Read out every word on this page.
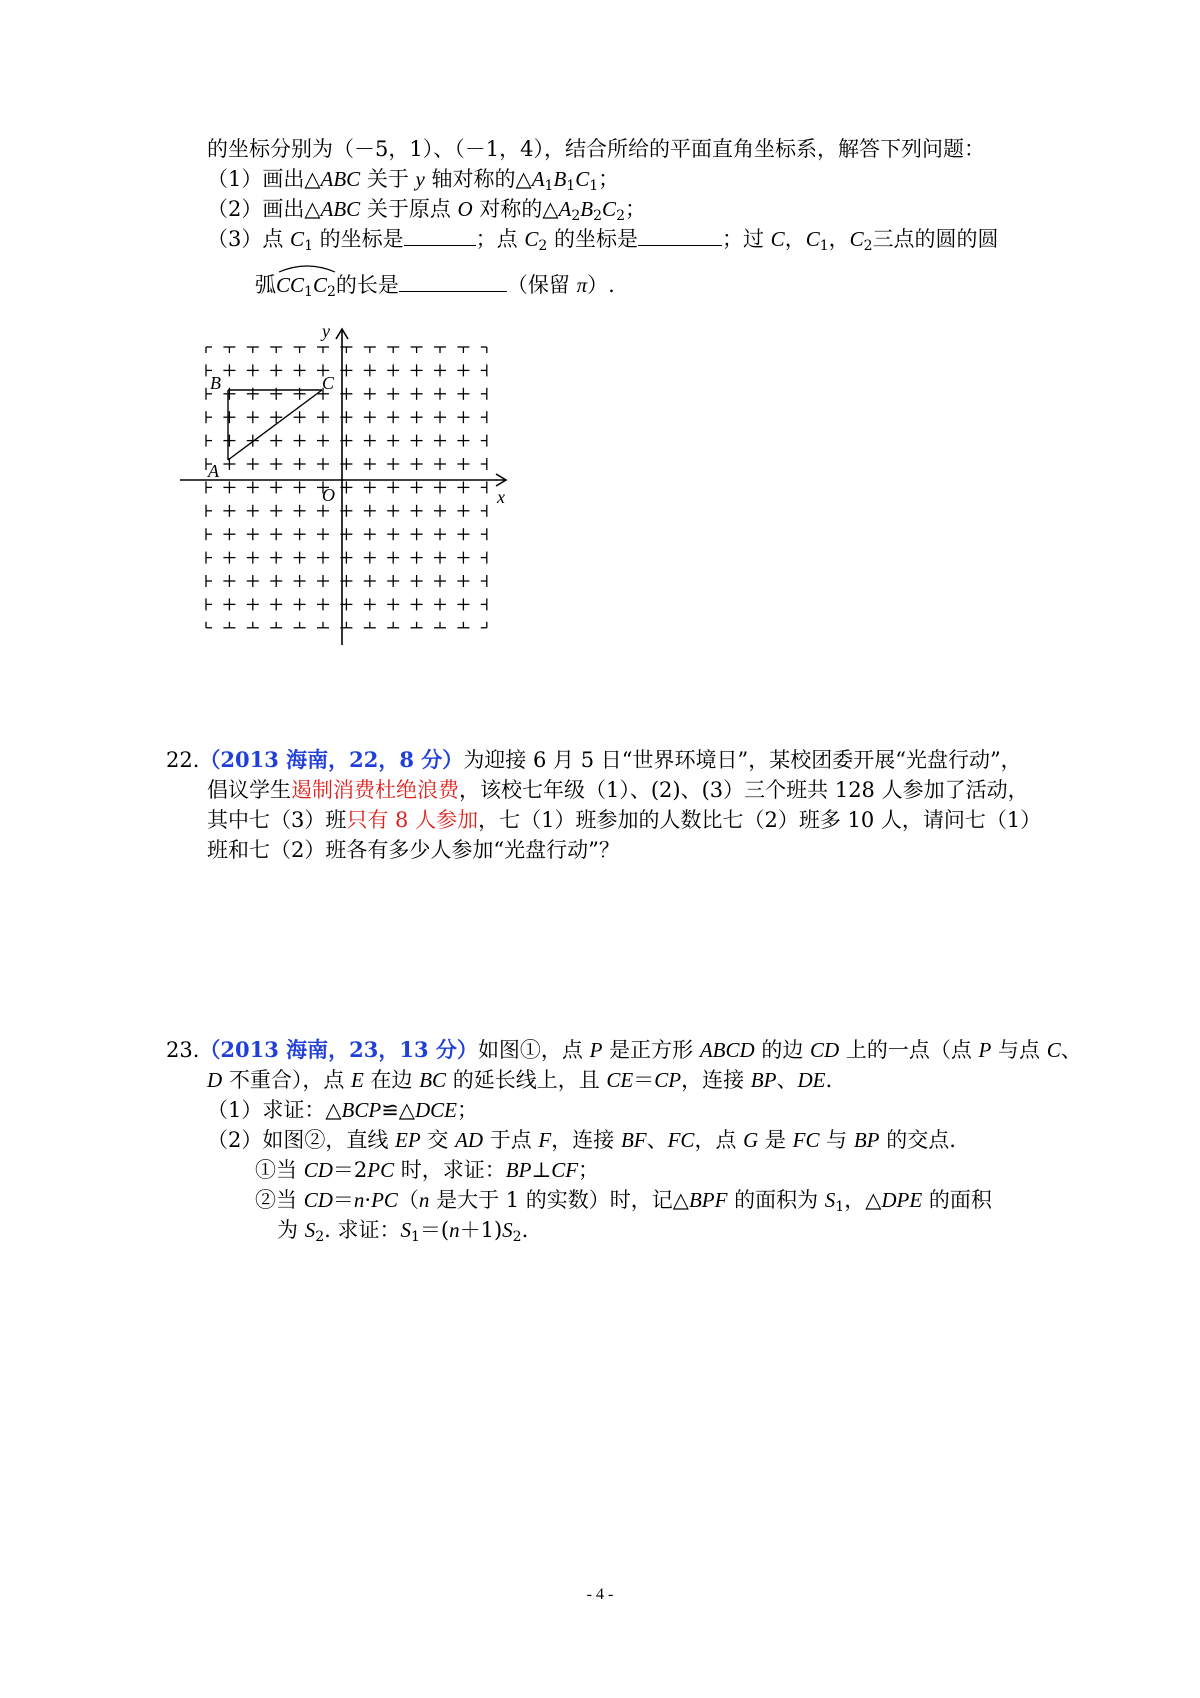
的坐标分别为（－5，1）、（－1，4），结合所给的平面直角坐标系，解答下列问题：
（1）画出△ABC 关于 y 轴对称的$\triangle A_1B_1C_1$；
（2）画出△ABC 关于原点 O 对称的$\triangle A_2B_2C_2$；
（3）点 $C_1$ 的坐标是	；点 $C_2$ 的坐标是	；过 C，$C_1$，$C_2$三点的圆的圆
弧
$CC_1C_2$的长是	（保留 π）.
B	C
A
O	x
y
22.（2013 海南，22，8 分）为迎接 6 月 5 日“世界环境日”，某校团委开展“光盘行动”，
倡议学生遏制消费杜绝浪费，该校七年级（1）、(2)、(3）三个班共 128 人参加了活动，
其中七（3）班只有 8 人参加，七（1）班参加的人数比七（2）班多 10 人，请问七（1）
班和七（2）班各有多少人参加“光盘行动”？
23.（2013 海南，23，13 分）如图①，点 P 是正方形 ABCD 的边 CD 上的一点（点 P 与点 C、
D 不重合），点 E 在边 BC 的延长线上，且 CE＝CP，连接 BP、DE.
（1）求证：△BCP≌△DCE；
（2）如图②，直线 EP 交 AD 于点 F，连接 BF、FC，点 G 是 FC 与 BP 的交点.
①当 CD＝2PC 时，求证：BP⊥CF；
②当 CD＝n·PC（n 是大于 1 的实数）时，记△BPF 的面积为 $S_1$，△DPE 的面积
为 $S_2$. 求证：$S_1=(n+1)S_2$.
- 4 -
